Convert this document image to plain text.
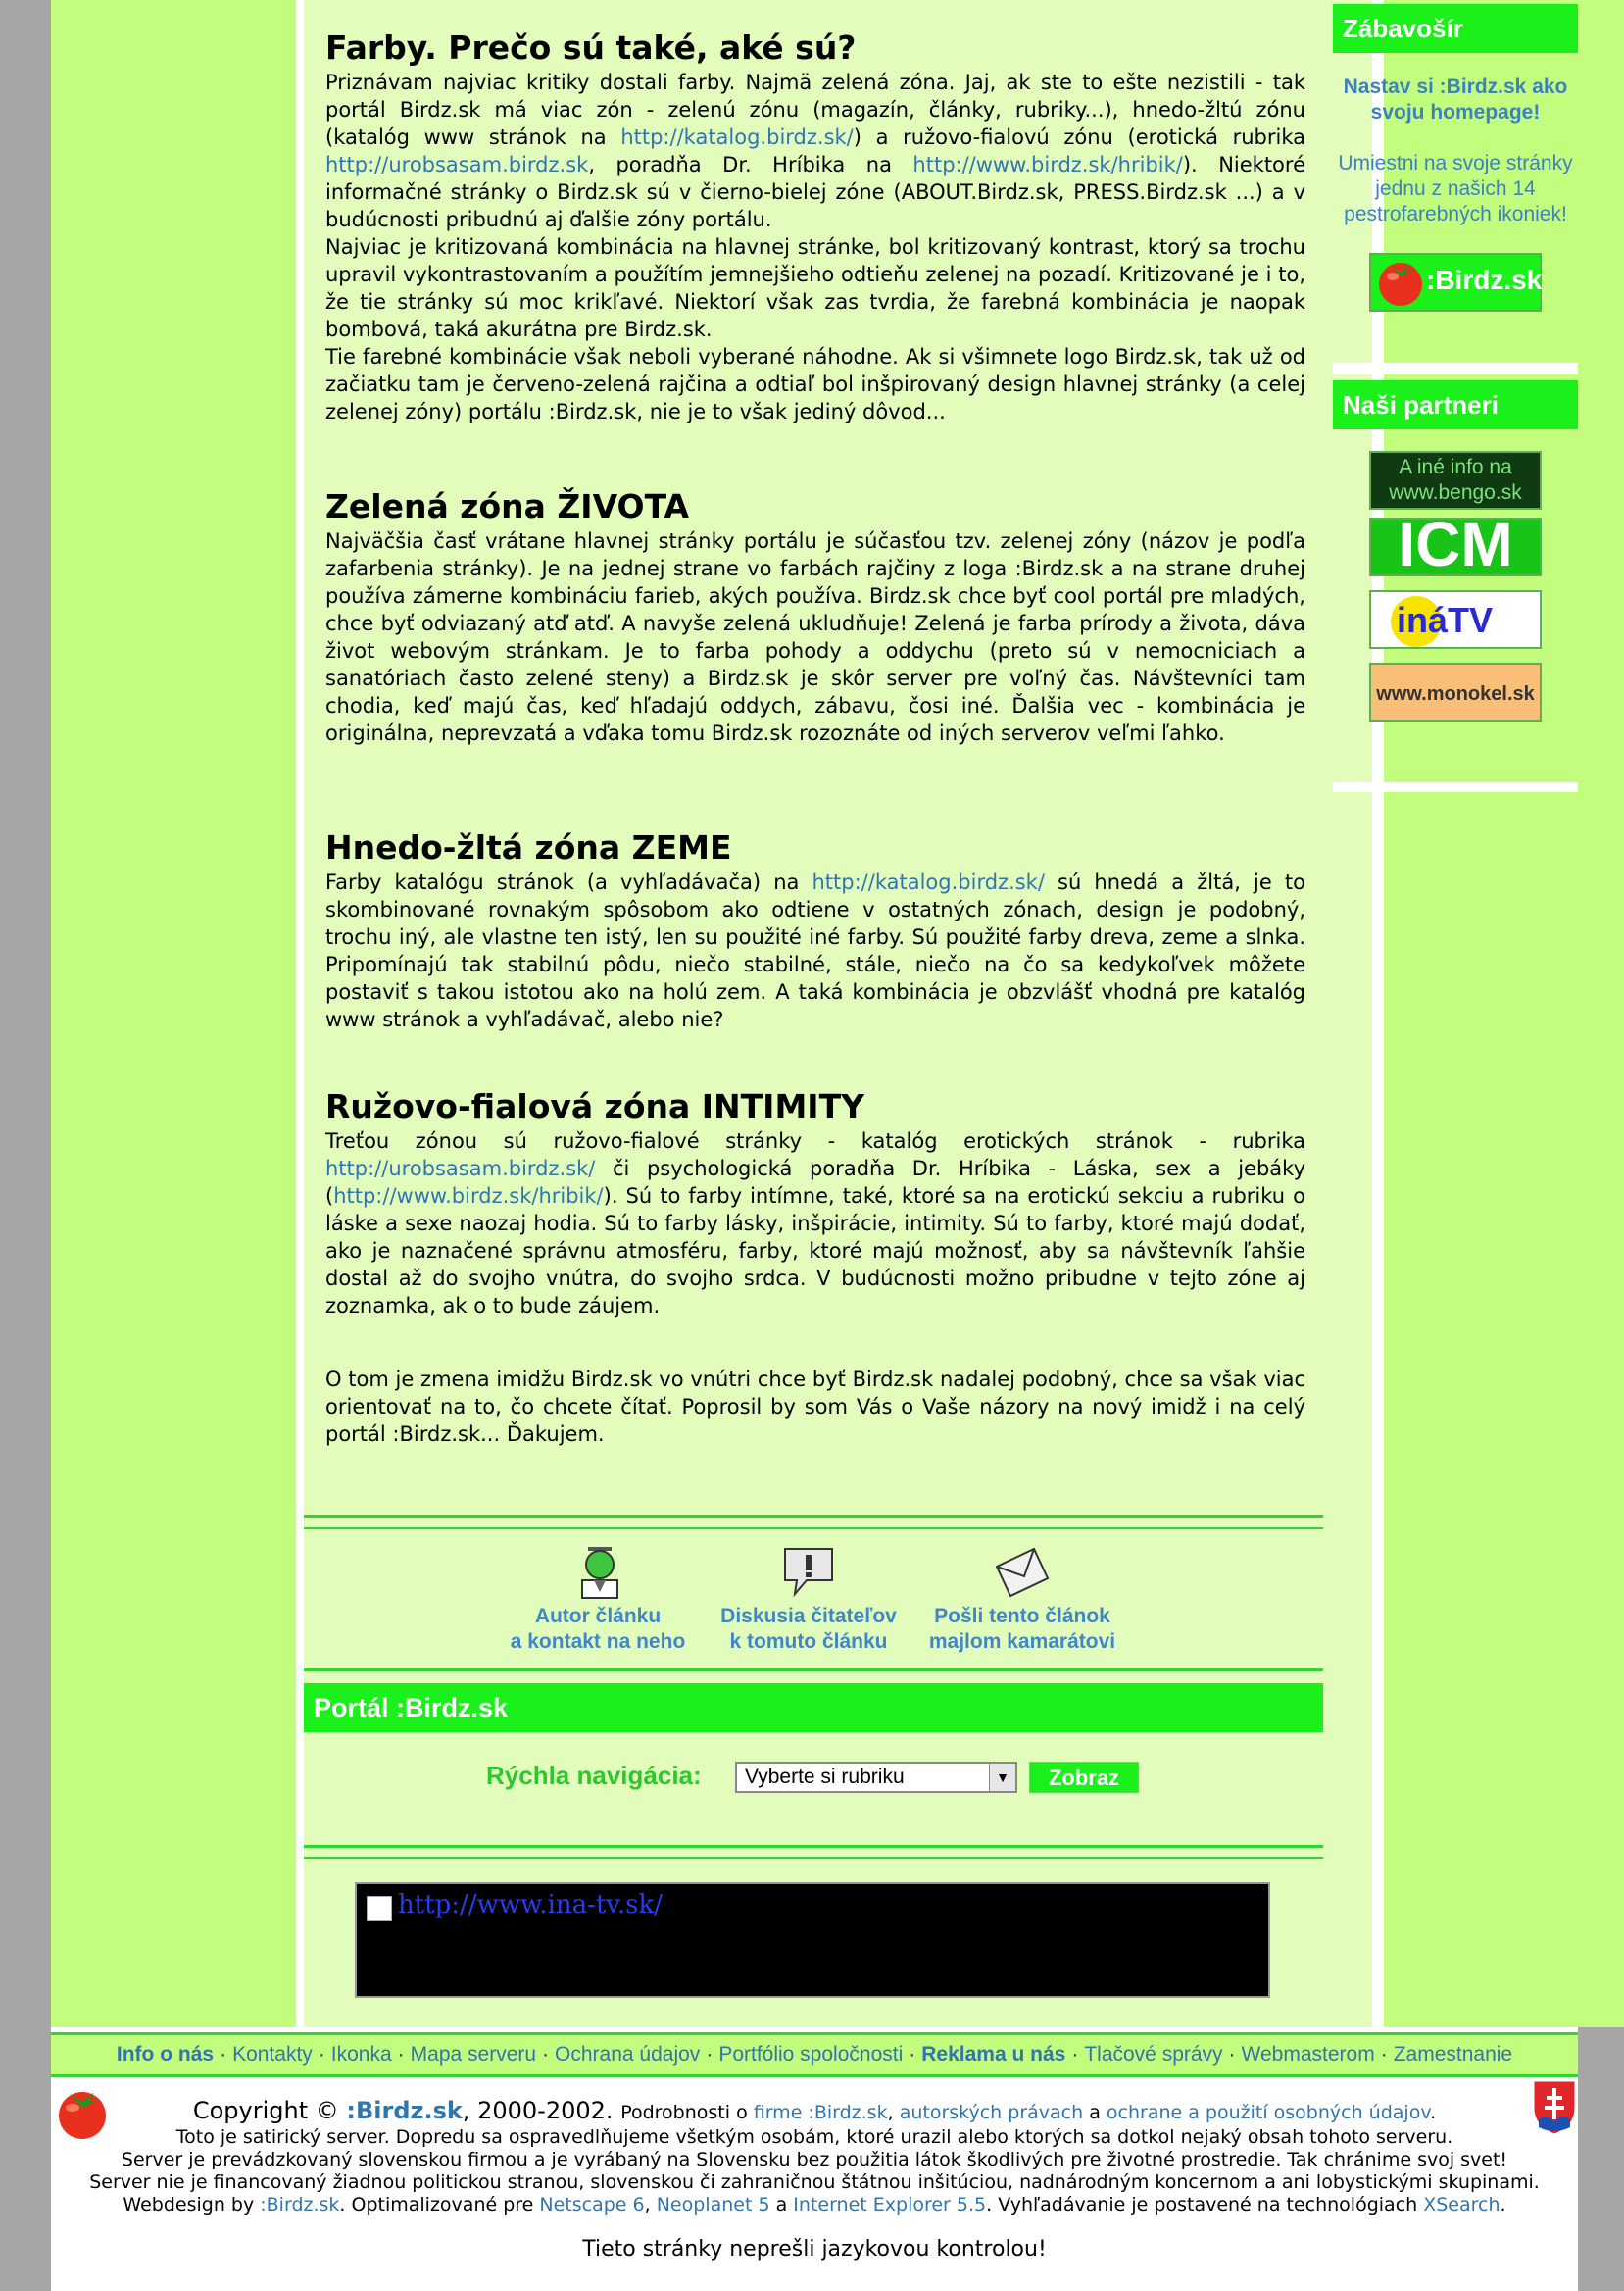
Farby. Prečo sú také, aké sú?

Priznávam najviac kritiky dostali farby. Najmä zelená zóna. Jaj, ak ste to ešte nezistili - tak portál Birdz.sk má viac zón - zelenú zónu (magazín, články, rubriky...), hnedo-žltú zónu (katalóg www stránok na http://katalog.birdz.sk/) a ružovo-fialovú zónu (erotická rubrika http://urobsasam.birdz.sk, poradňa Dr. Hríbika na http://www.birdz.sk/hribik/). Niektoré informačné stránky o Birdz.sk sú v čierno-bielej zóne (ABOUT.Birdz.sk, PRESS.Birdz.sk ...) a v budúcnosti pribudnú aj ďalšie zóny portálu.

Najviac je kritizovaná kombinácia na hlavnej stránke, bol kritizovaný kontrast, ktorý sa trochu upravil vykontrastovaním a použítím jemnejšieho odtieňu zelenej na pozadí. Kritizované je i to, že tie stránky sú moc krikľavé. Niektorí však zas tvrdia, že farebná kombinácia je naopak bombová, taká akurátna pre Birdz.sk.

Tie farebné kombinácie však neboli vyberané náhodne. Ak si všimnete logo Birdz.sk, tak už od začiatku tam je červeno-zelená rajčina a odtiaľ bol inšpirovaný design hlavnej stránky (a celej zelenej zóny) portálu :Birdz.sk, nie je to však jediný dôvod...

Zelená zóna ŽIVOTA

Najväčšia časť vrátane hlavnej stránky portálu je súčasťou tzv. zelenej zóny (názov je podľa zafarbenia stránky). Je na jednej strane vo farbách rajčiny z loga :Birdz.sk a na strane druhej používa zámerne kombináciu farieb, akých používa. Birdz.sk chce byť cool portál pre mladých, chce byť odviazaný atď atď. A navyše zelená ukludňuje! Zelená je farba prírody a života, dáva život webovým stránkam. Je to farba pohody a oddychu (preto sú v nemocniciach a sanatóriach často zelené steny) a Birdz.sk je skôr server pre voľný čas. Návštevníci tam chodia, keď majú čas, keď hľadajú oddych, zábavu, čosi iné. Ďalšia vec - kombinácia je originálna, neprevzatá a vďaka tomu Birdz.sk rozoznáte od iných serverov veľmi ľahko.

Hnedo-žltá zóna ZEME

Farby katalógu stránok (a vyhľadávača) na http://katalog.birdz.sk/ sú hnedá a žltá, je to skombinované rovnakým spôsobom ako odtiene v ostatných zónach, design je podobný, trochu iný, ale vlastne ten istý, len su použité iné farby. Sú použité farby dreva, zeme a slnka. Pripomínajú tak stabilnú pôdu, niečo stabilné, stále, niečo na čo sa kedykoľvek môžete postaviť s takou istotou ako na holú zem. A taká kombinácia je obzvlášť vhodná pre katalóg www stránok a vyhľadávač, alebo nie?

Ružovo-fialová zóna INTIMITY

Treťou zónou sú ružovo-fialové stránky - katalóg erotických stránok - rubrika http://urobsasam.birdz.sk/ či psychologická poradňa Dr. Hríbika - Láska, sex a jebáky (http://www.birdz.sk/hribik/). Sú to farby intímne, také, ktoré sa na erotickú sekciu a rubriku o láske a sexe naozaj hodia. Sú to farby lásky, inšpirácie, intimity. Sú to farby, ktoré majú dodať, ako je naznačené správnu atmosféru, farby, ktoré majú možnosť, aby sa návštevník ľahšie dostal až do svojho vnútra, do svojho srdca. V budúcnosti možno pribudne v tejto zóne aj zoznamka, ak o to bude záujem.

O tom je zmena imidžu Birdz.sk vo vnútri chce byť Birdz.sk nadalej podobný, chce sa však viac orientovať na to, čo chcete čítať. Poprosil by som Vás o Vaše názory na nový imidž i na celý portál :Birdz.sk... Ďakujem.

Zábavošír
Nastav si :Birdz.sk ako svoju homepage!
Umiestni na svoje stránky jednu z našich 14 pestrofarebných ikoniek!
:Birdz.sk
Naši partneri
A iné info na www.bengo.sk
ICM
ináTV
www.monokel.sk
Autor článku
a kontakt na neho
Diskusia čitateľov
k tomuto článku
Pošli tento článok
majlom kamarátovi
Portál :Birdz.sk
Rýchla navigácia:	Vyberte si rubriku	▼	Zobraz
http://www.ina-tv.sk/
Info o nás · Kontakty · Ikonka · Mapa serveru · Ochrana údajov · Portfólio spoločnosti · Reklama u nás · Tlačové správy · Webmasterom · Zamestnanie
Copyright © :Birdz.sk, 2000-2002. Podrobnosti o firme :Birdz.sk, autorských právach a ochrane a použití osobných údajov.
Toto je satirický server. Dopredu sa ospravedlňujeme všetkým osobám, ktoré urazil alebo ktorých sa dotkol nejaký obsah tohoto serveru.
Server je prevádzkovaný slovenskou firmou a je vyrábaný na Slovensku bez použitia látok škodlivých pre životné prostredie. Tak chránime svoj svet!
Server nie je financovaný žiadnou politickou stranou, slovenskou či zahraničnou štátnou inšitúciou, nadnárodným koncernom a ani lobystickými skupinami.
Webdesign by :Birdz.sk. Optimalizované pre Netscape 6, Neoplanet 5 a Internet Explorer 5.5. Vyhľadávanie je postavené na technológiach XSearch.
Tieto stránky neprešli jazykovou kontrolou!
